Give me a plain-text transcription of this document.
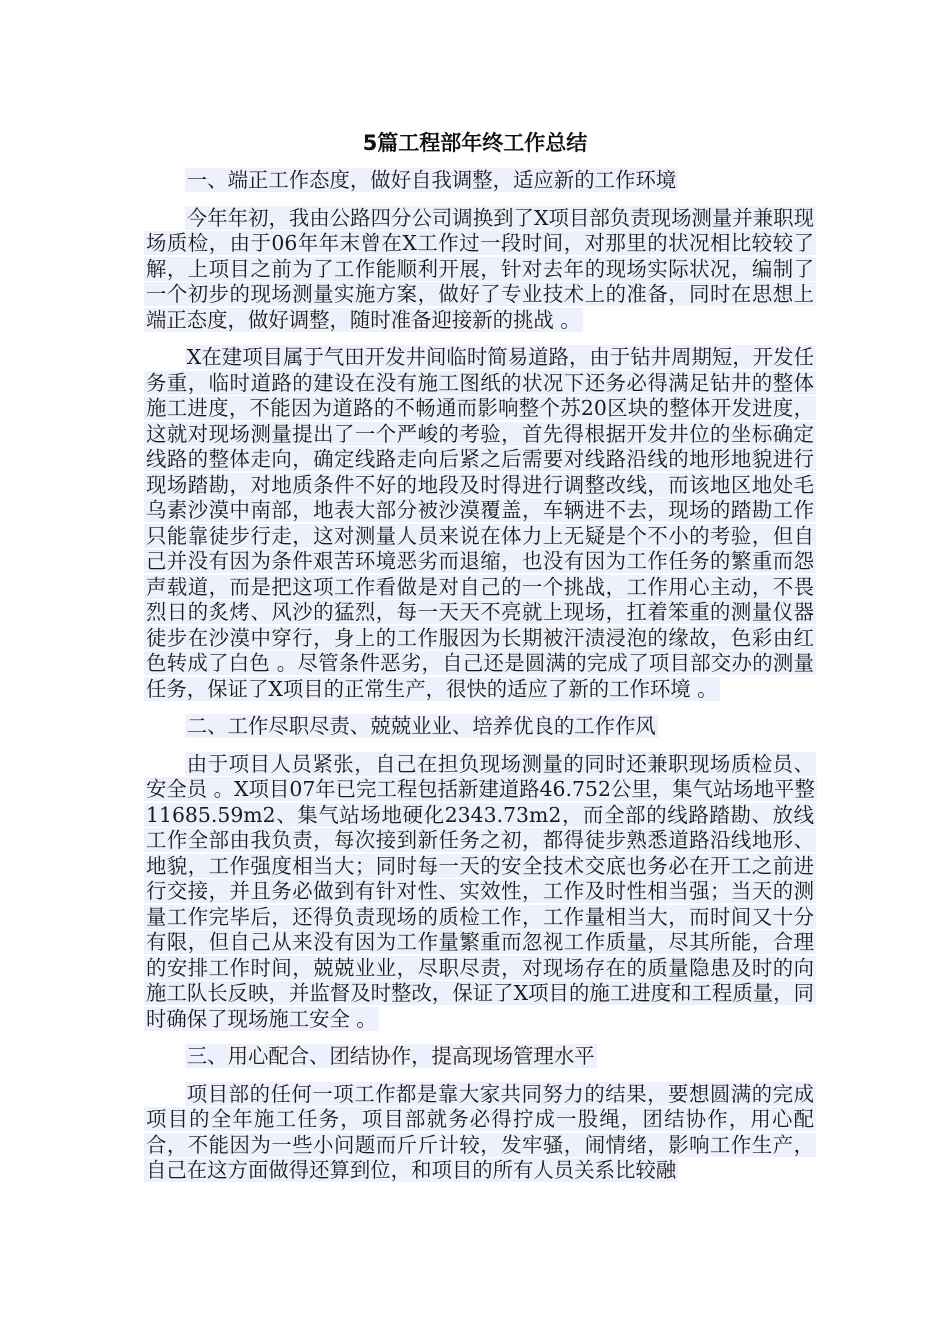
5篇工程部年终工作总结

一、端正工作态度，做好自我调整，适应新的工作环境

今年年初，我由公路四分公司调换到了X项目部负责现场测量并兼职现场质检，由于06年年末曾在X工作过一段时间，对那里的状况相比较较了解，上项目之前为了工作能顺利开展，针对去年的现场实际状况，编制了一个初步的现场测量实施方案，做好了专业技术上的准备，同时在思想上端正态度，做好调整，随时准备迎接新的挑战 。

X在建项目属于气田开发井间临时简易道路，由于钻井周期短，开发任务重，临时道路的建设在没有施工图纸的状况下还务必得满足钻井的整体施工进度，不能因为道路的不畅通而影响整个苏20区块的整体开发进度，这就对现场测量提出了一个严峻的考验，首先得根据开发井位的坐标确定线路的整体走向，确定线路走向后紧之后需要对线路沿线的地形地貌进行现场踏勘，对地质条件不好的地段及时得进行调整改线，而该地区地处毛乌素沙漠中南部，地表大部分被沙漠覆盖，车辆进不去，现场的踏勘工作只能靠徒步行走，这对测量人员来说在体力上无疑是个不小的考验，但自己并没有因为条件艰苦环境恶劣而退缩，也没有因为工作任务的繁重而怨声载道，而是把这项工作看做是对自己的一个挑战，工作用心主动，不畏烈日的炙烤、风沙的猛烈，每一天天不亮就上现场，扛着笨重的测量仪器徒步在沙漠中穿行，身上的工作服因为长期被汗渍浸泡的缘故，色彩由红色转成了白色 。尽管条件恶劣，自己还是圆满的完成了项目部交办的测量任务，保证了X项目的正常生产，很快的适应了新的工作环境 。

二、工作尽职尽责、兢兢业业、培养优良的工作作风

由于项目人员紧张，自己在担负现场测量的同时还兼职现场质检员、安全员 。X项目07年已完工程包括新建道路46.752公里，集气站场地平整11685.59m2、集气站场地硬化2343.73m2，而全部的线路踏勘、放线工作全部由我负责，每次接到新任务之初，都得徒步熟悉道路沿线地形、地貌，工作强度相当大；同时每一天的安全技术交底也务必在开工之前进行交接，并且务必做到有针对性、实效性，工作及时性相当强；当天的测量工作完毕后，还得负责现场的质检工作，工作量相当大，而时间又十分有限，但自己从来没有因为工作量繁重而忽视工作质量，尽其所能，合理的安排工作时间，兢兢业业，尽职尽责，对现场存在的质量隐患及时的向施工队长反映，并监督及时整改，保证了X项目的施工进度和工程质量，同时确保了现场施工安全 。

三、用心配合、团结协作，提高现场管理水平

项目部的任何一项工作都是靠大家共同努力的结果，要想圆满的完成项目的全年施工任务，项目部就务必得拧成一股绳，团结协作，用心配合，不能因为一些小问题而斤斤计较，发牢骚，闹情绪，影响工作生产，自己在这方面做得还算到位，和项目的所有人员关系比较融
